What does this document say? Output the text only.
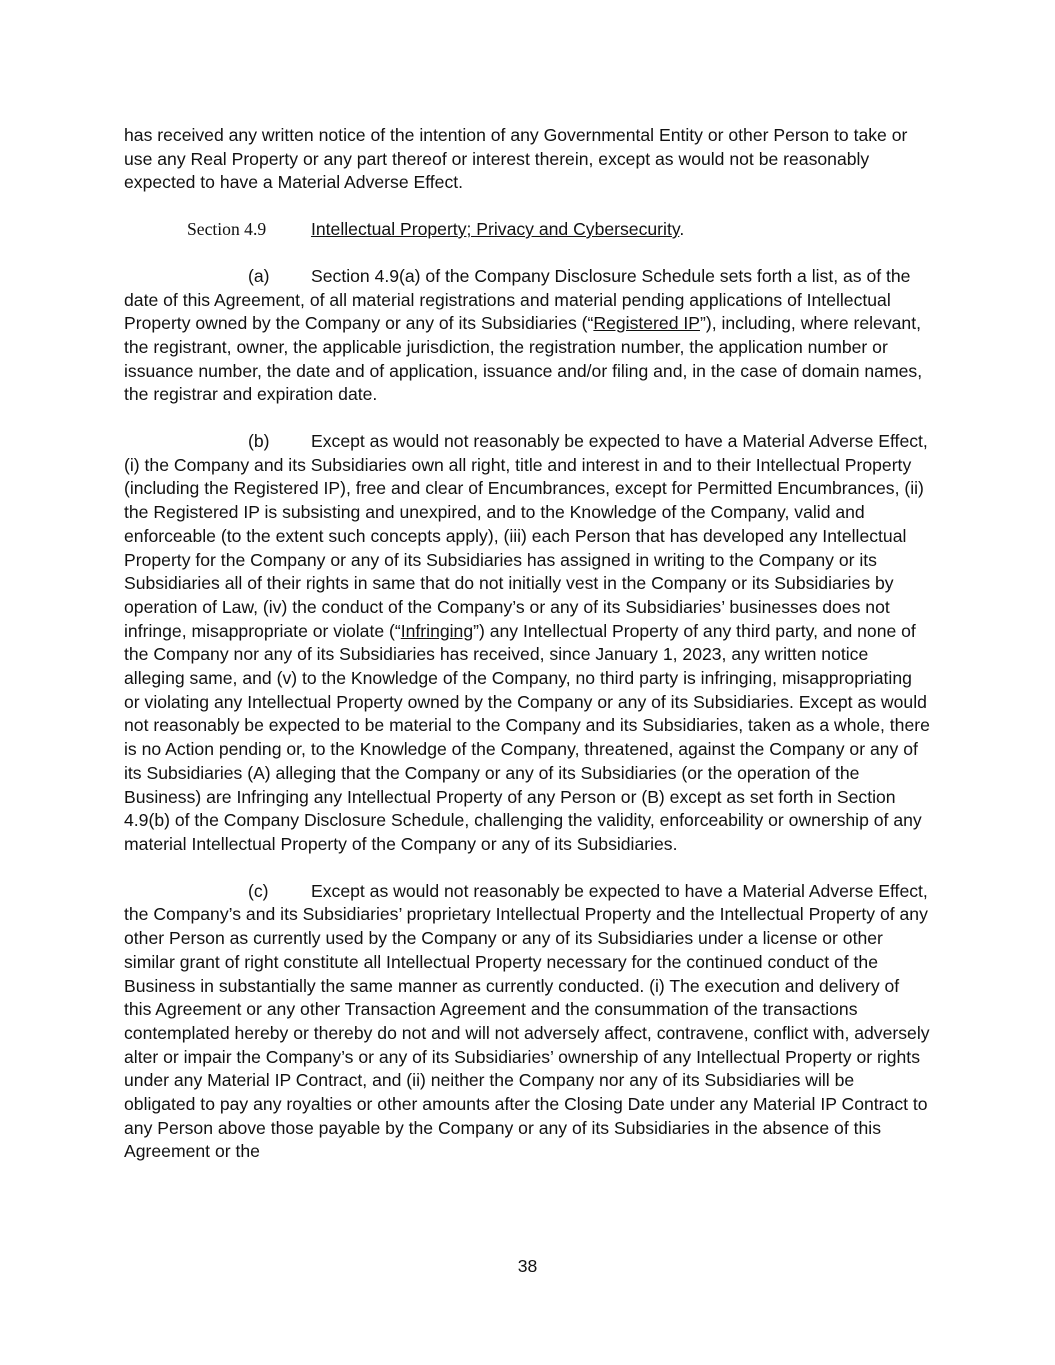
has received any written notice of the intention of any Governmental Entity or other Person to take or use any Real Property or any part thereof or interest therein, except as would not be reasonably expected to have a Material Adverse Effect.

Section 4.9	Intellectual Property; Privacy and Cybersecurity.

(a) Section 4.9(a) of the Company Disclosure Schedule sets forth a list, as of the date of this Agreement, of all material registrations and material pending applications of Intellectual Property owned by the Company or any of its Subsidiaries (“Registered IP”), including, where relevant, the registrant, owner, the applicable jurisdiction, the registration number, the application number or issuance number, the date and of application, issuance and/or filing and, in the case of domain names, the registrar and expiration date.

(b) Except as would not reasonably be expected to have a Material Adverse Effect, (i) the Company and its Subsidiaries own all right, title and interest in and to their Intellectual Property (including the Registered IP), free and clear of Encumbrances, except for Permitted Encumbrances, (ii) the Registered IP is subsisting and unexpired, and to the Knowledge of the Company, valid and enforceable (to the extent such concepts apply), (iii) each Person that has developed any Intellectual Property for the Company or any of its Subsidiaries has assigned in writing to the Company or its Subsidiaries all of their rights in same that do not initially vest in the Company or its Subsidiaries by operation of Law, (iv) the conduct of the Company’s or any of its Subsidiaries’ businesses does not infringe, misappropriate or violate (“Infringing”) any Intellectual Property of any third party, and none of the Company nor any of its Subsidiaries has received, since January 1, 2023, any written notice alleging same, and (v) to the Knowledge of the Company, no third party is infringing, misappropriating or violating any Intellectual Property owned by the Company or any of its Subsidiaries. Except as would not reasonably be expected to be material to the Company and its Subsidiaries, taken as a whole, there is no Action pending or, to the Knowledge of the Company, threatened, against the Company or any of its Subsidiaries (A) alleging that the Company or any of its Subsidiaries (or the operation of the Business) are Infringing any Intellectual Property of any Person or (B) except as set forth in Section 4.9(b) of the Company Disclosure Schedule, challenging the validity, enforceability or ownership of any material Intellectual Property of the Company or any of its Subsidiaries.

(c) Except as would not reasonably be expected to have a Material Adverse Effect, the Company’s and its Subsidiaries’ proprietary Intellectual Property and the Intellectual Property of any other Person as currently used by the Company or any of its Subsidiaries under a license or other similar grant of right constitute all Intellectual Property necessary for the continued conduct of the Business in substantially the same manner as currently conducted. (i) The execution and delivery of this Agreement or any other Transaction Agreement and the consummation of the transactions contemplated hereby or thereby do not and will not adversely affect, contravene, conflict with, adversely alter or impair the Company’s or any of its Subsidiaries’ ownership of any Intellectual Property or rights under any Material IP Contract, and (ii) neither the Company nor any of its Subsidiaries will be obligated to pay any royalties or other amounts after the Closing Date under any Material IP Contract to any Person above those payable by the Company or any of its Subsidiaries in the absence of this Agreement or the

38
